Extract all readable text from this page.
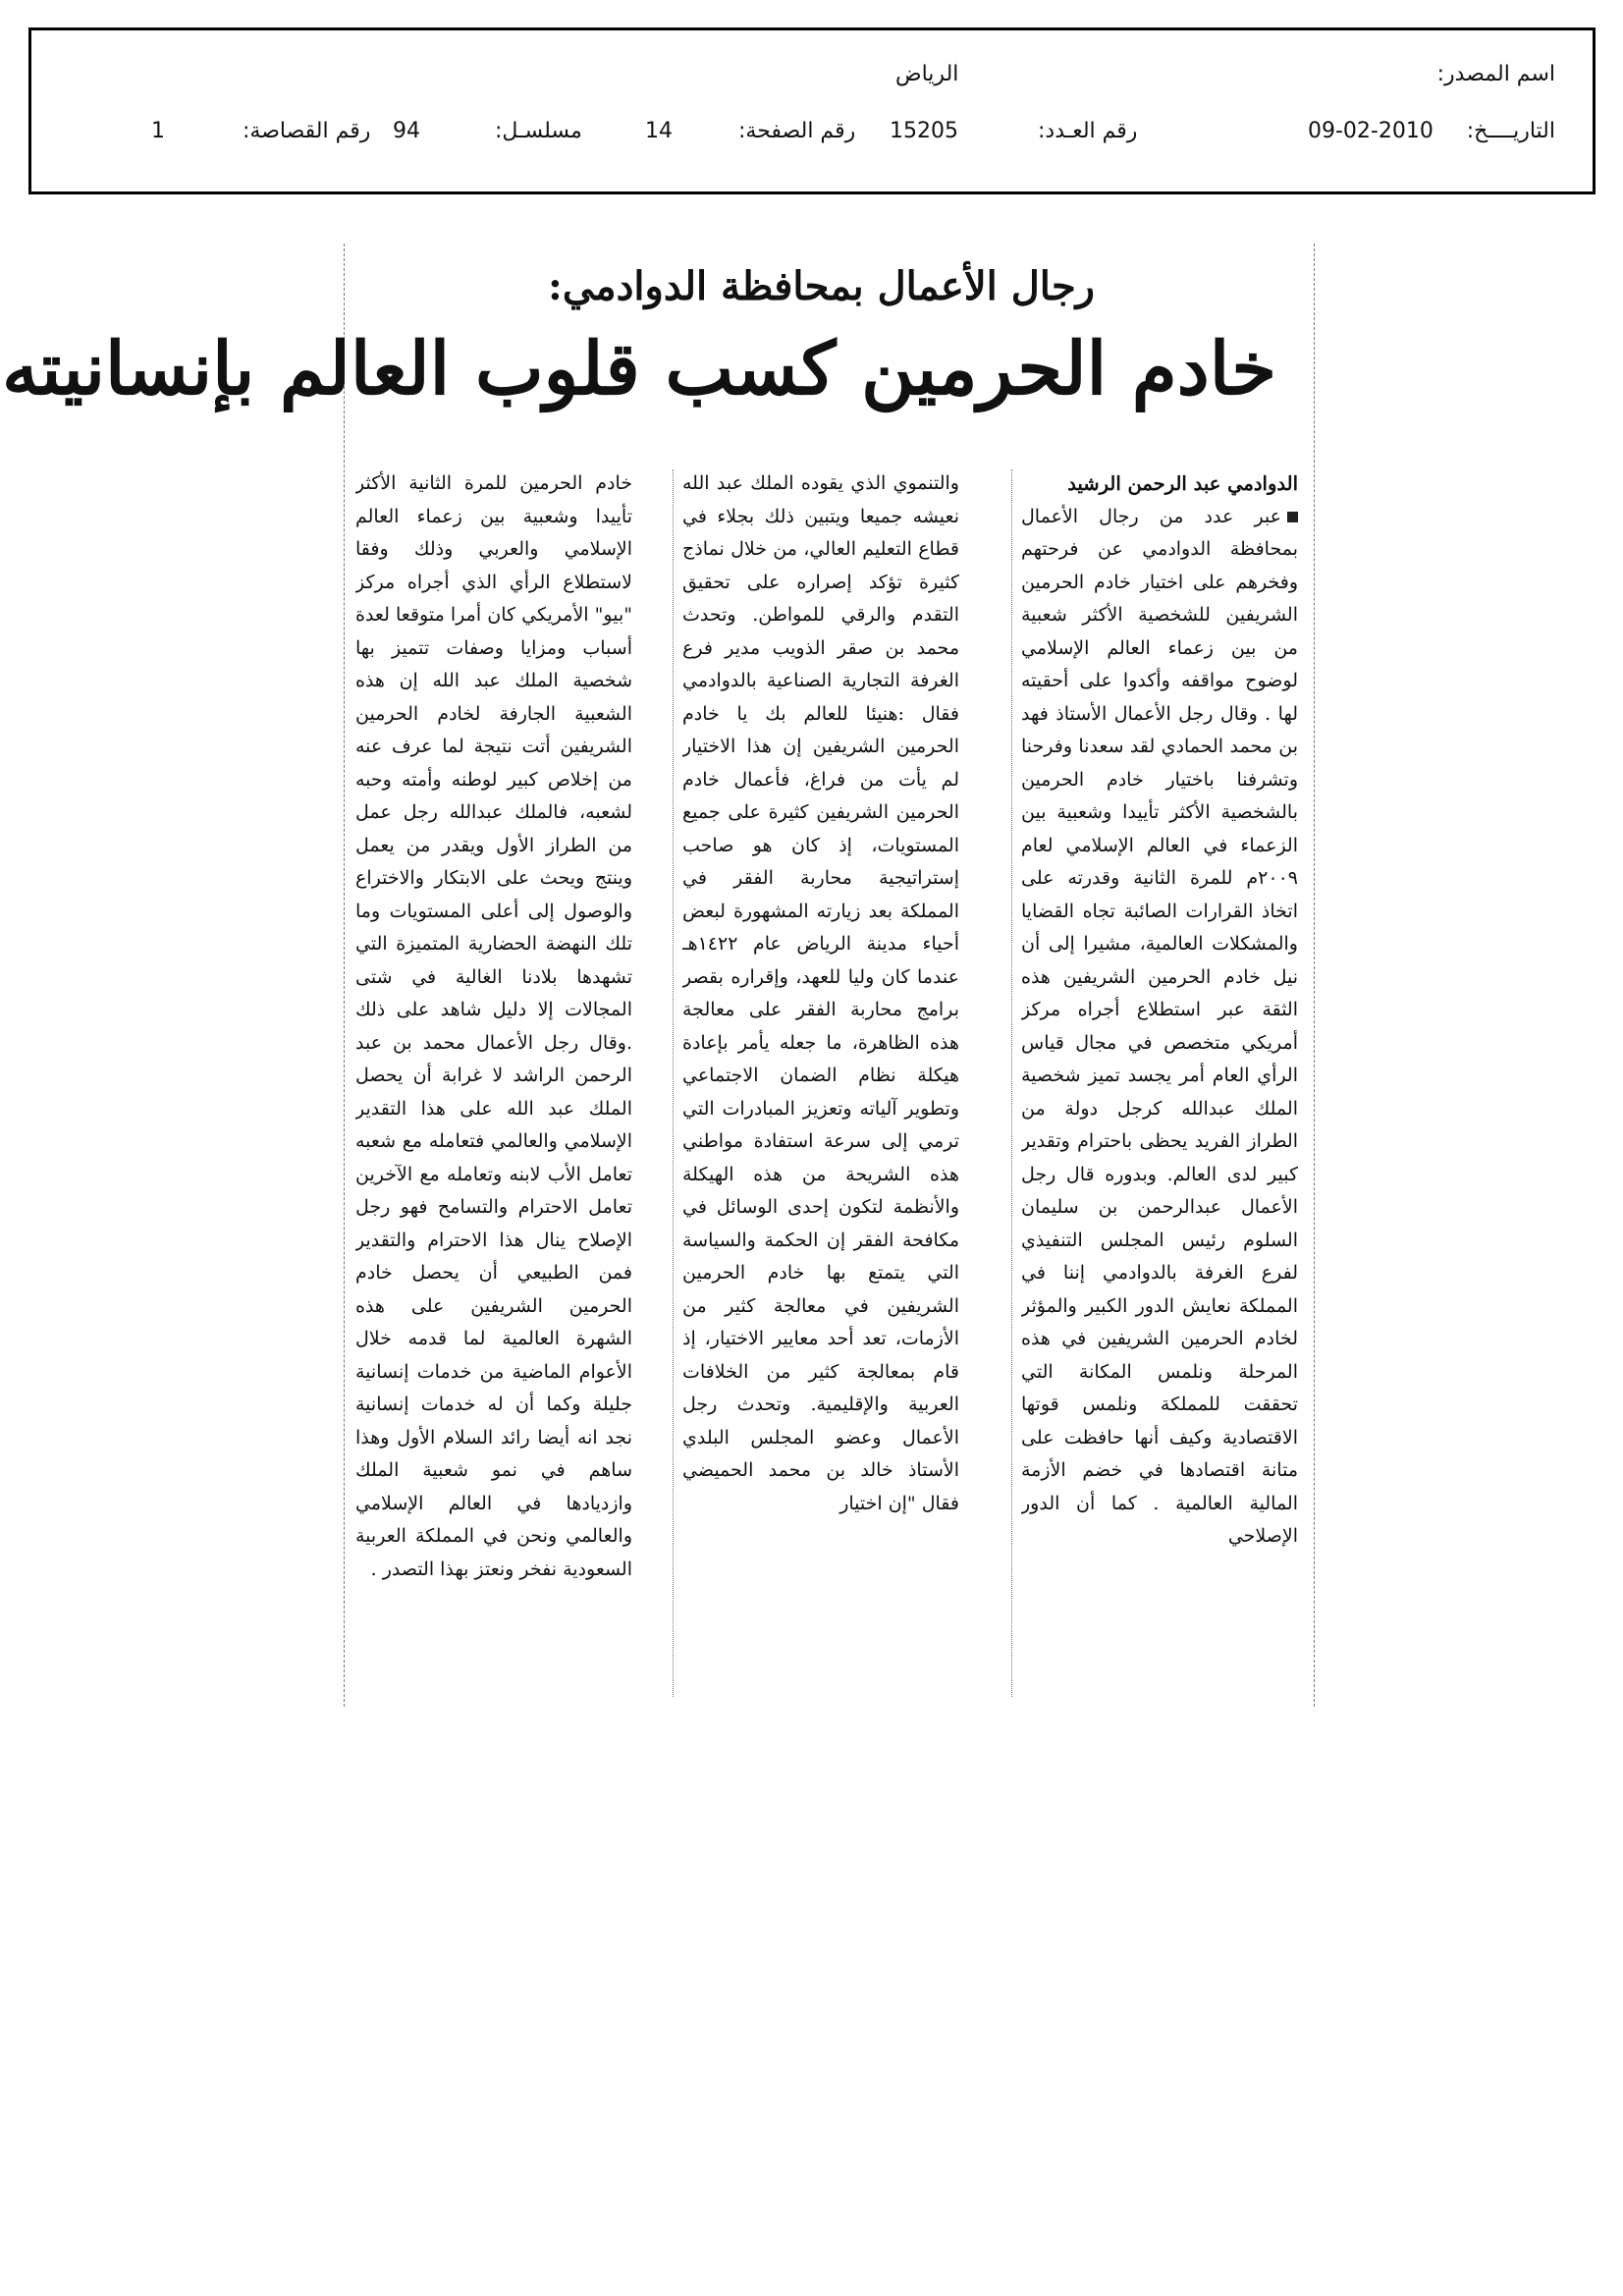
اسم المصدر:
الرياض
التاريــــخ:
09-02-2010
رقم العـدد:
15205
رقم الصفحة:
14
مسلسـل:
94
رقم القصاصة:
1
رجال الأعمال بمحافظة الدوادمي:
خادم الحرمين كسب قلوب العالم بإنسانيته
الدوادمي عبد الرحمن الرشيد

عبر عدد من رجال الأعمال بمحافظة الدوادمي عن فرحتهم وفخرهم على اختيار خادم الحرمين الشريفين للشخصية الأكثر شعبية من بين زعماء العالم الإسلامي لوضوح مواقفه وأكدوا على أحقيته لها . وقال رجل الأعمال الأستاذ فهد بن محمد الحمادي لقد سعدنا وفرحنا وتشرفنا باختيار خادم الحرمين بالشخصية الأكثر تأييدا وشعبية بين الزعماء في العالم الإسلامي لعام ٢٠٠٩م للمرة الثانية وقدرته على اتخاذ القرارات الصائبة تجاه القضايا والمشكلات العالمية، مشيرا إلى أن نيل خادم الحرمين الشريفين هذه الثقة عبر استطلاع أجراه مركز أمريكي متخصص في مجال قياس الرأي العام أمر يجسد تميز شخصية الملك عبدالله كرجل دولة من الطراز الفريد يحظى باحترام وتقدير كبير لدى العالم. وبدوره قال رجل الأعمال عبدالرحمن بن سليمان السلوم رئيس المجلس التنفيذي لفرع الغرفة بالدوادمي إننا في المملكة نعايش الدور الكبير والمؤثر لخادم الحرمين الشريفين في هذه المرحلة ونلمس المكانة التي تحققت للمملكة ونلمس قوتها الاقتصادية وكيف أنها حافظت على متانة اقتصادها في خضم الأزمة المالية العالمية . كما أن الدور الإصلاحي

والتنموي الذي يقوده الملك عبد الله نعيشه جميعا ويتبين ذلك بجلاء في قطاع التعليم العالي، من خلال نماذج كثيرة تؤكد إصراره على تحقيق التقدم والرقي للمواطن. وتحدث محمد بن صقر الذويب مدير فرع الغرفة التجارية الصناعية بالدوادمي فقال :هنيئا للعالم بك يا خادم الحرمين الشريفين إن هذا الاختيار لم يأت من فراغ، فأعمال خادم الحرمين الشريفين كثيرة على جميع المستويات، إذ كان هو صاحب إستراتيجية محاربة الفقر في المملكة بعد زيارته المشهورة لبعض أحياء مدينة الرياض عام ١٤٢٢هـ عندما كان وليا للعهد، وإقراره بقصر برامج محاربة الفقر على معالجة هذه الظاهرة، ما جعله يأمر بإعادة هيكلة نظام الضمان الاجتماعي وتطوير آلياته وتعزيز المبادرات التي ترمي إلى سرعة استفادة مواطني هذه الشريحة من هذه الهيكلة والأنظمة لتكون إحدى الوسائل في مكافحة الفقر إن الحكمة والسياسة التي يتمتع بها خادم الحرمين الشريفين في معالجة كثير من الأزمات، تعد أحد معايير الاختيار، إذ قام بمعالجة كثير من الخلافات العربية والإقليمية. وتحدث رجل الأعمال وعضو المجلس البلدي الأستاذ خالد بن محمد الحميضي فقال "إن اختيار

خادم الحرمين للمرة الثانية الأكثر تأييدا وشعبية بين زعماء العالم الإسلامي والعربي وذلك وفقا لاستطلاع الرأي الذي أجراه مركز "بيو" الأمريكي كان أمرا متوقعا لعدة أسباب ومزايا وصفات تتميز بها شخصية الملك عبد الله إن هذه الشعبية الجارفة لخادم الحرمين الشريفين أتت نتيجة لما عرف عنه من إخلاص كبير لوطنه وأمته وحبه لشعبه، فالملك عبدالله رجل عمل من الطراز الأول ويقدر من يعمل وينتج ويحث على الابتكار والاختراع والوصول إلى أعلى المستويات وما تلك النهضة الحضارية المتميزة التي تشهدها بلادنا الغالية في شتى المجالات إلا دليل شاهد على ذلك .وقال رجل الأعمال محمد بن عبد الرحمن الراشد لا غرابة أن يحصل الملك عبد الله على هذا التقدير الإسلامي والعالمي فتعامله مع شعبه تعامل الأب لابنه وتعامله مع الآخرين تعامل الاحترام والتسامح فهو رجل الإصلاح ينال هذا الاحترام والتقدير فمن الطبيعي أن يحصل خادم الحرمين الشريفين على هذه الشهرة العالمية لما قدمه خلال الأعوام الماضية من خدمات إنسانية جليلة وكما أن له خدمات إنسانية نجد انه أيضا رائد السلام الأول وهذا ساهم في نمو شعبية الملك وازديادها في العالم الإسلامي والعالمي ونحن في المملكة العربية السعودية نفخر ونعتز بهذا التصدر .
